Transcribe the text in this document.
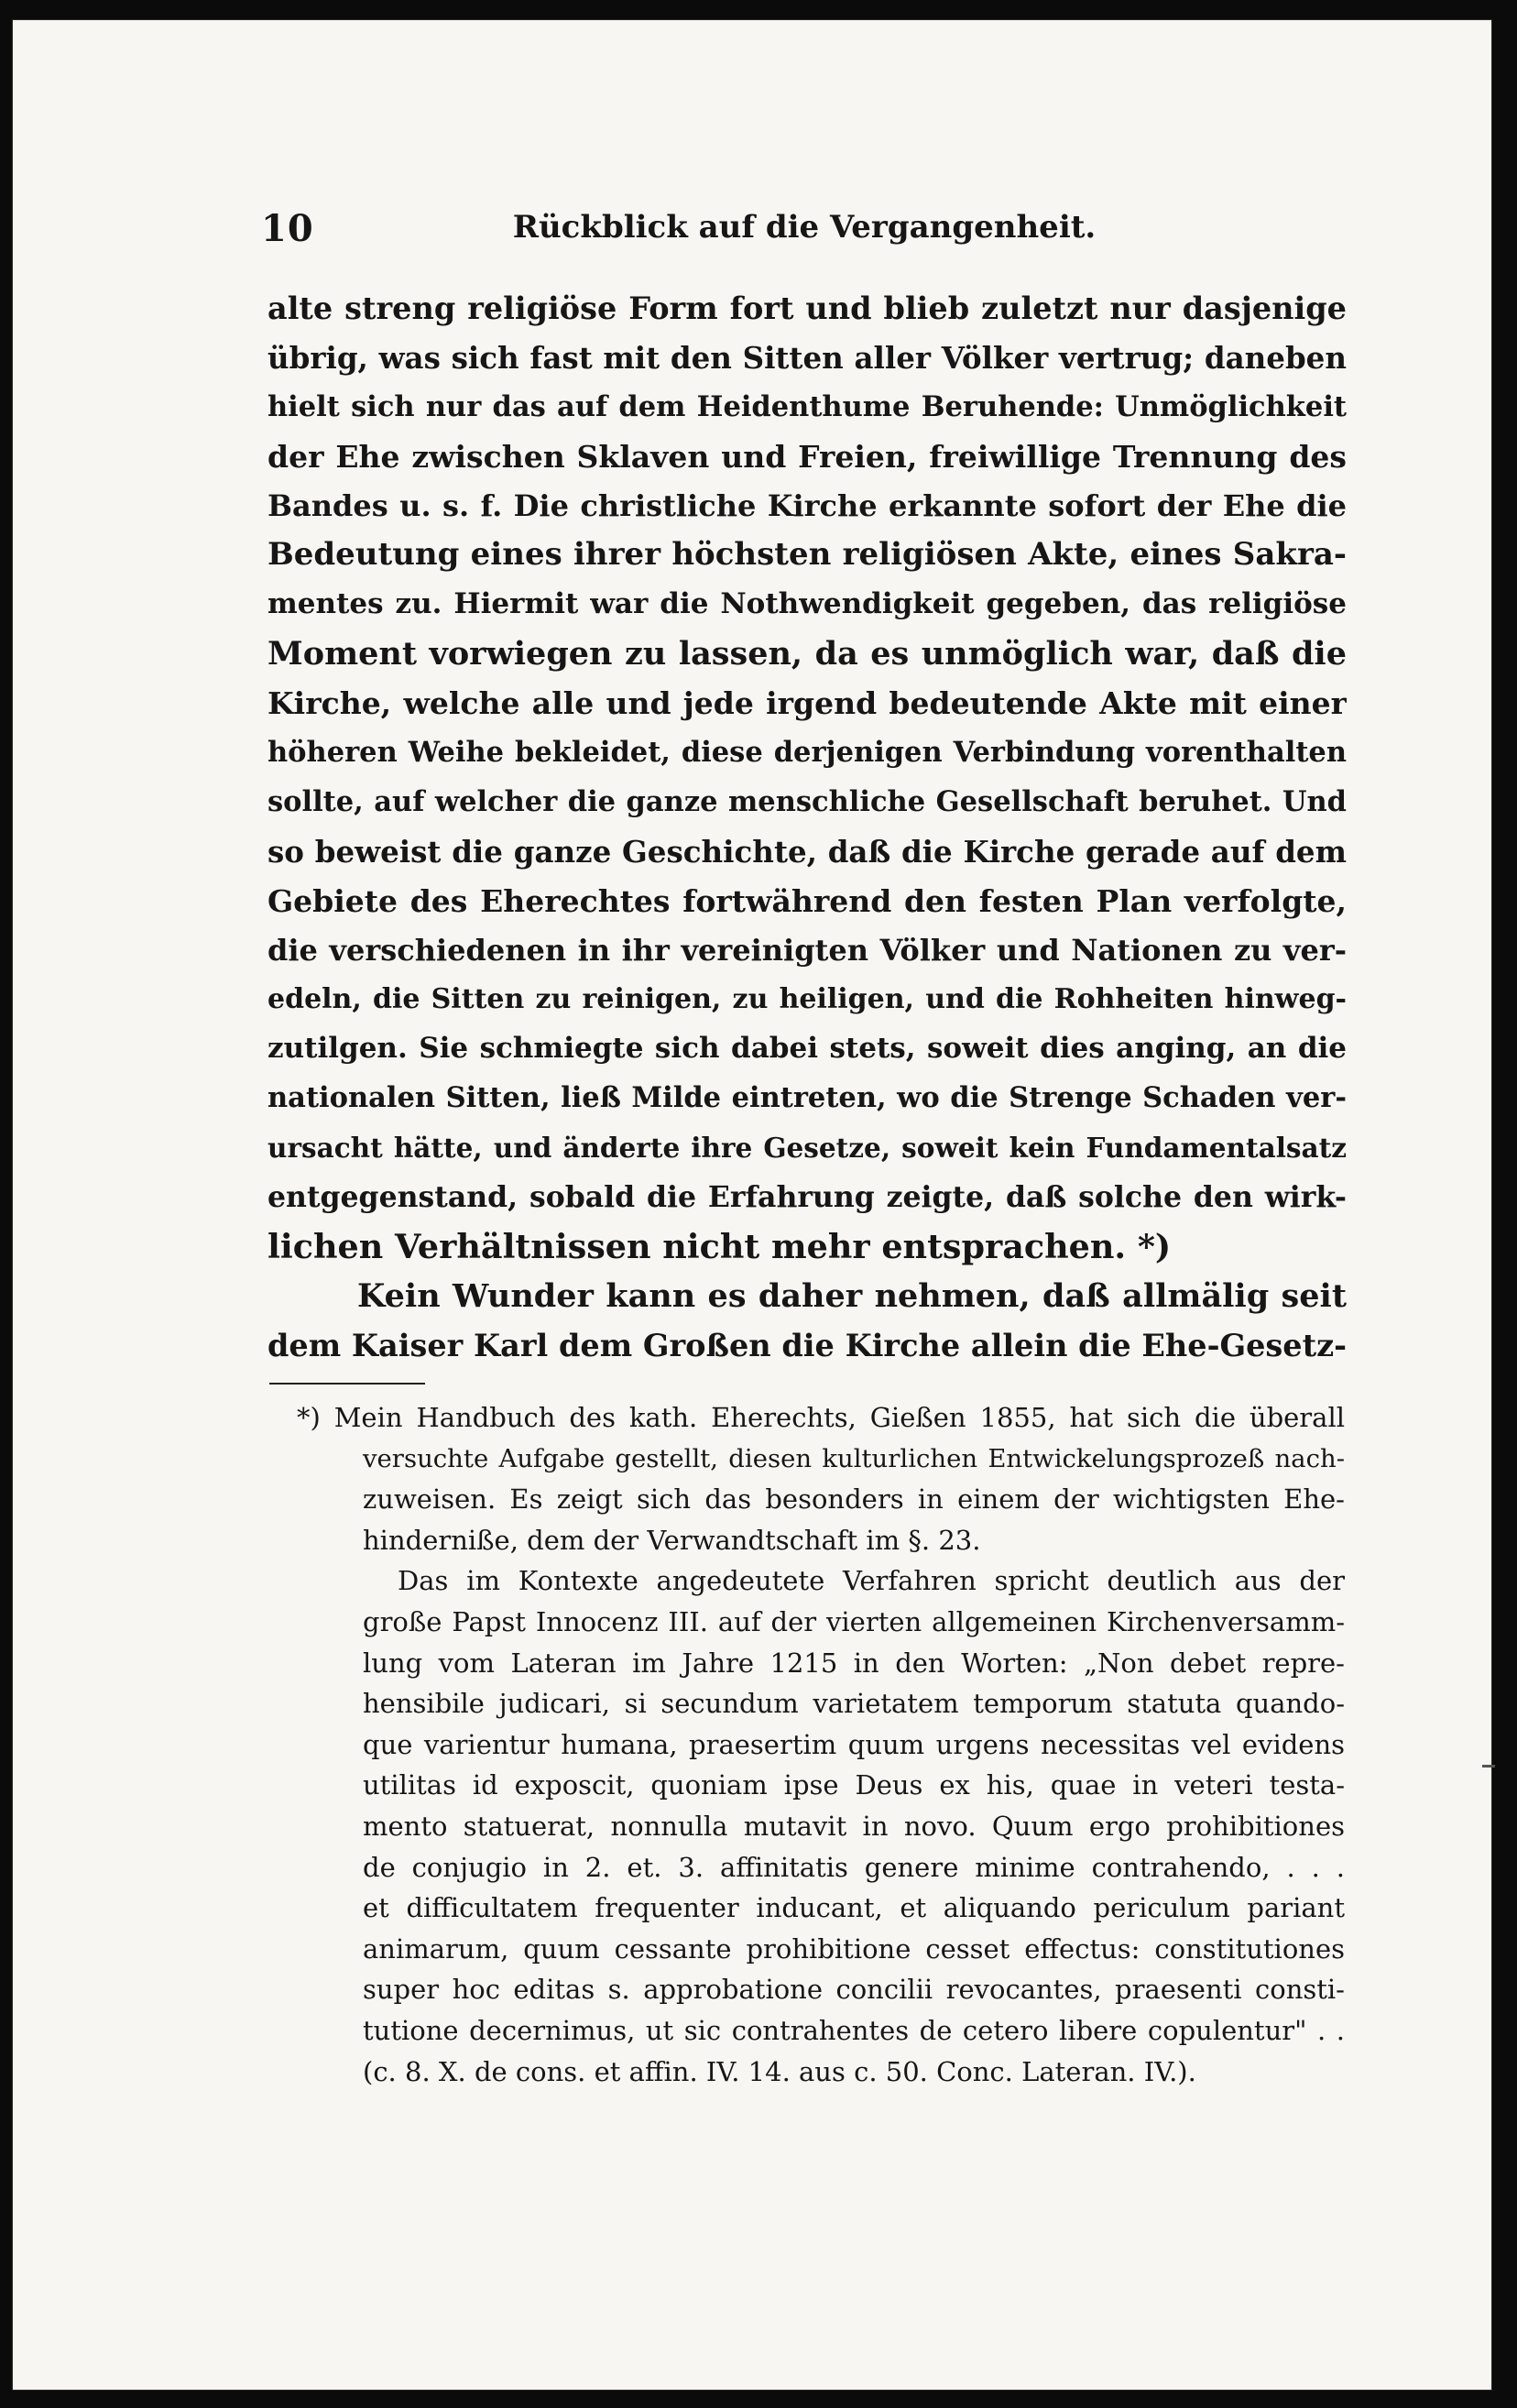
10	Rückblick auf die Vergangenheit.
alte streng religiöse Form fort und blieb zuletzt nur dasjenige
übrig, was sich fast mit den Sitten aller Völker vertrug; daneben
hielt sich nur das auf dem Heidenthume Beruhende: Unmöglichkeit
der Ehe zwischen Sklaven und Freien, freiwillige Trennung des
Bandes u. s. f. Die christliche Kirche erkannte sofort der Ehe die
Bedeutung eines ihrer höchsten religiösen Akte, eines Sakra-
mentes zu. Hiermit war die Nothwendigkeit gegeben, das religiöse
Moment vorwiegen zu lassen, da es unmöglich war, daß die
Kirche, welche alle und jede irgend bedeutende Akte mit einer
höheren Weihe bekleidet, diese derjenigen Verbindung vorenthalten
sollte, auf welcher die ganze menschliche Gesellschaft beruhet. Und
so beweist die ganze Geschichte, daß die Kirche gerade auf dem
Gebiete des Eherechtes fortwährend den festen Plan verfolgte,
die verschiedenen in ihr vereinigten Völker und Nationen zu ver-
edeln, die Sitten zu reinigen, zu heiligen, und die Rohheiten hinweg-
zutilgen. Sie schmiegte sich dabei stets, soweit dies anging, an die
nationalen Sitten, ließ Milde eintreten, wo die Strenge Schaden ver-
ursacht hätte, und änderte ihre Gesetze, soweit kein Fundamentalsatz
entgegenstand, sobald die Erfahrung zeigte, daß solche den wirk-
lichen Verhältnissen nicht mehr entsprachen. *)
Kein Wunder kann es daher nehmen, daß allmälig seit
dem Kaiser Karl dem Großen die Kirche allein die Ehe-Gesetz-
*) Mein Handbuch des kath. Eherechts, Gießen 1855, hat sich die überall
versuchte Aufgabe gestellt, diesen kulturlichen Entwickelungsprozeß nach-
zuweisen. Es zeigt sich das besonders in einem der wichtigsten Ehe-
hinderniße, dem der Verwandtschaft im §. 23.
Das im Kontexte angedeutete Verfahren spricht deutlich aus der
große Papst Innocenz III. auf der vierten allgemeinen Kirchenversamm-
lung vom Lateran im Jahre 1215 in den Worten: „Non debet repre-
hensibile judicari, si secundum varietatem temporum statuta quando-
que varientur humana, praesertim quum urgens necessitas vel evidens
utilitas id exposcit, quoniam ipse Deus ex his, quae in veteri testa-
mento statuerat, nonnulla mutavit in novo. Quum ergo prohibitiones
de conjugio in 2. et. 3. affinitatis genere minime contrahendo, . . .
et difficultatem frequenter inducant, et aliquando periculum pariant
animarum, quum cessante prohibitione cesset effectus: constitutiones
super hoc editas s. approbatione concilii revocantes, praesenti consti-
tutione decernimus, ut sic contrahentes de cetero libere copulentur" . .
(c. 8. X. de cons. et affin. IV. 14. aus c. 50. Conc. Lateran. IV.).
